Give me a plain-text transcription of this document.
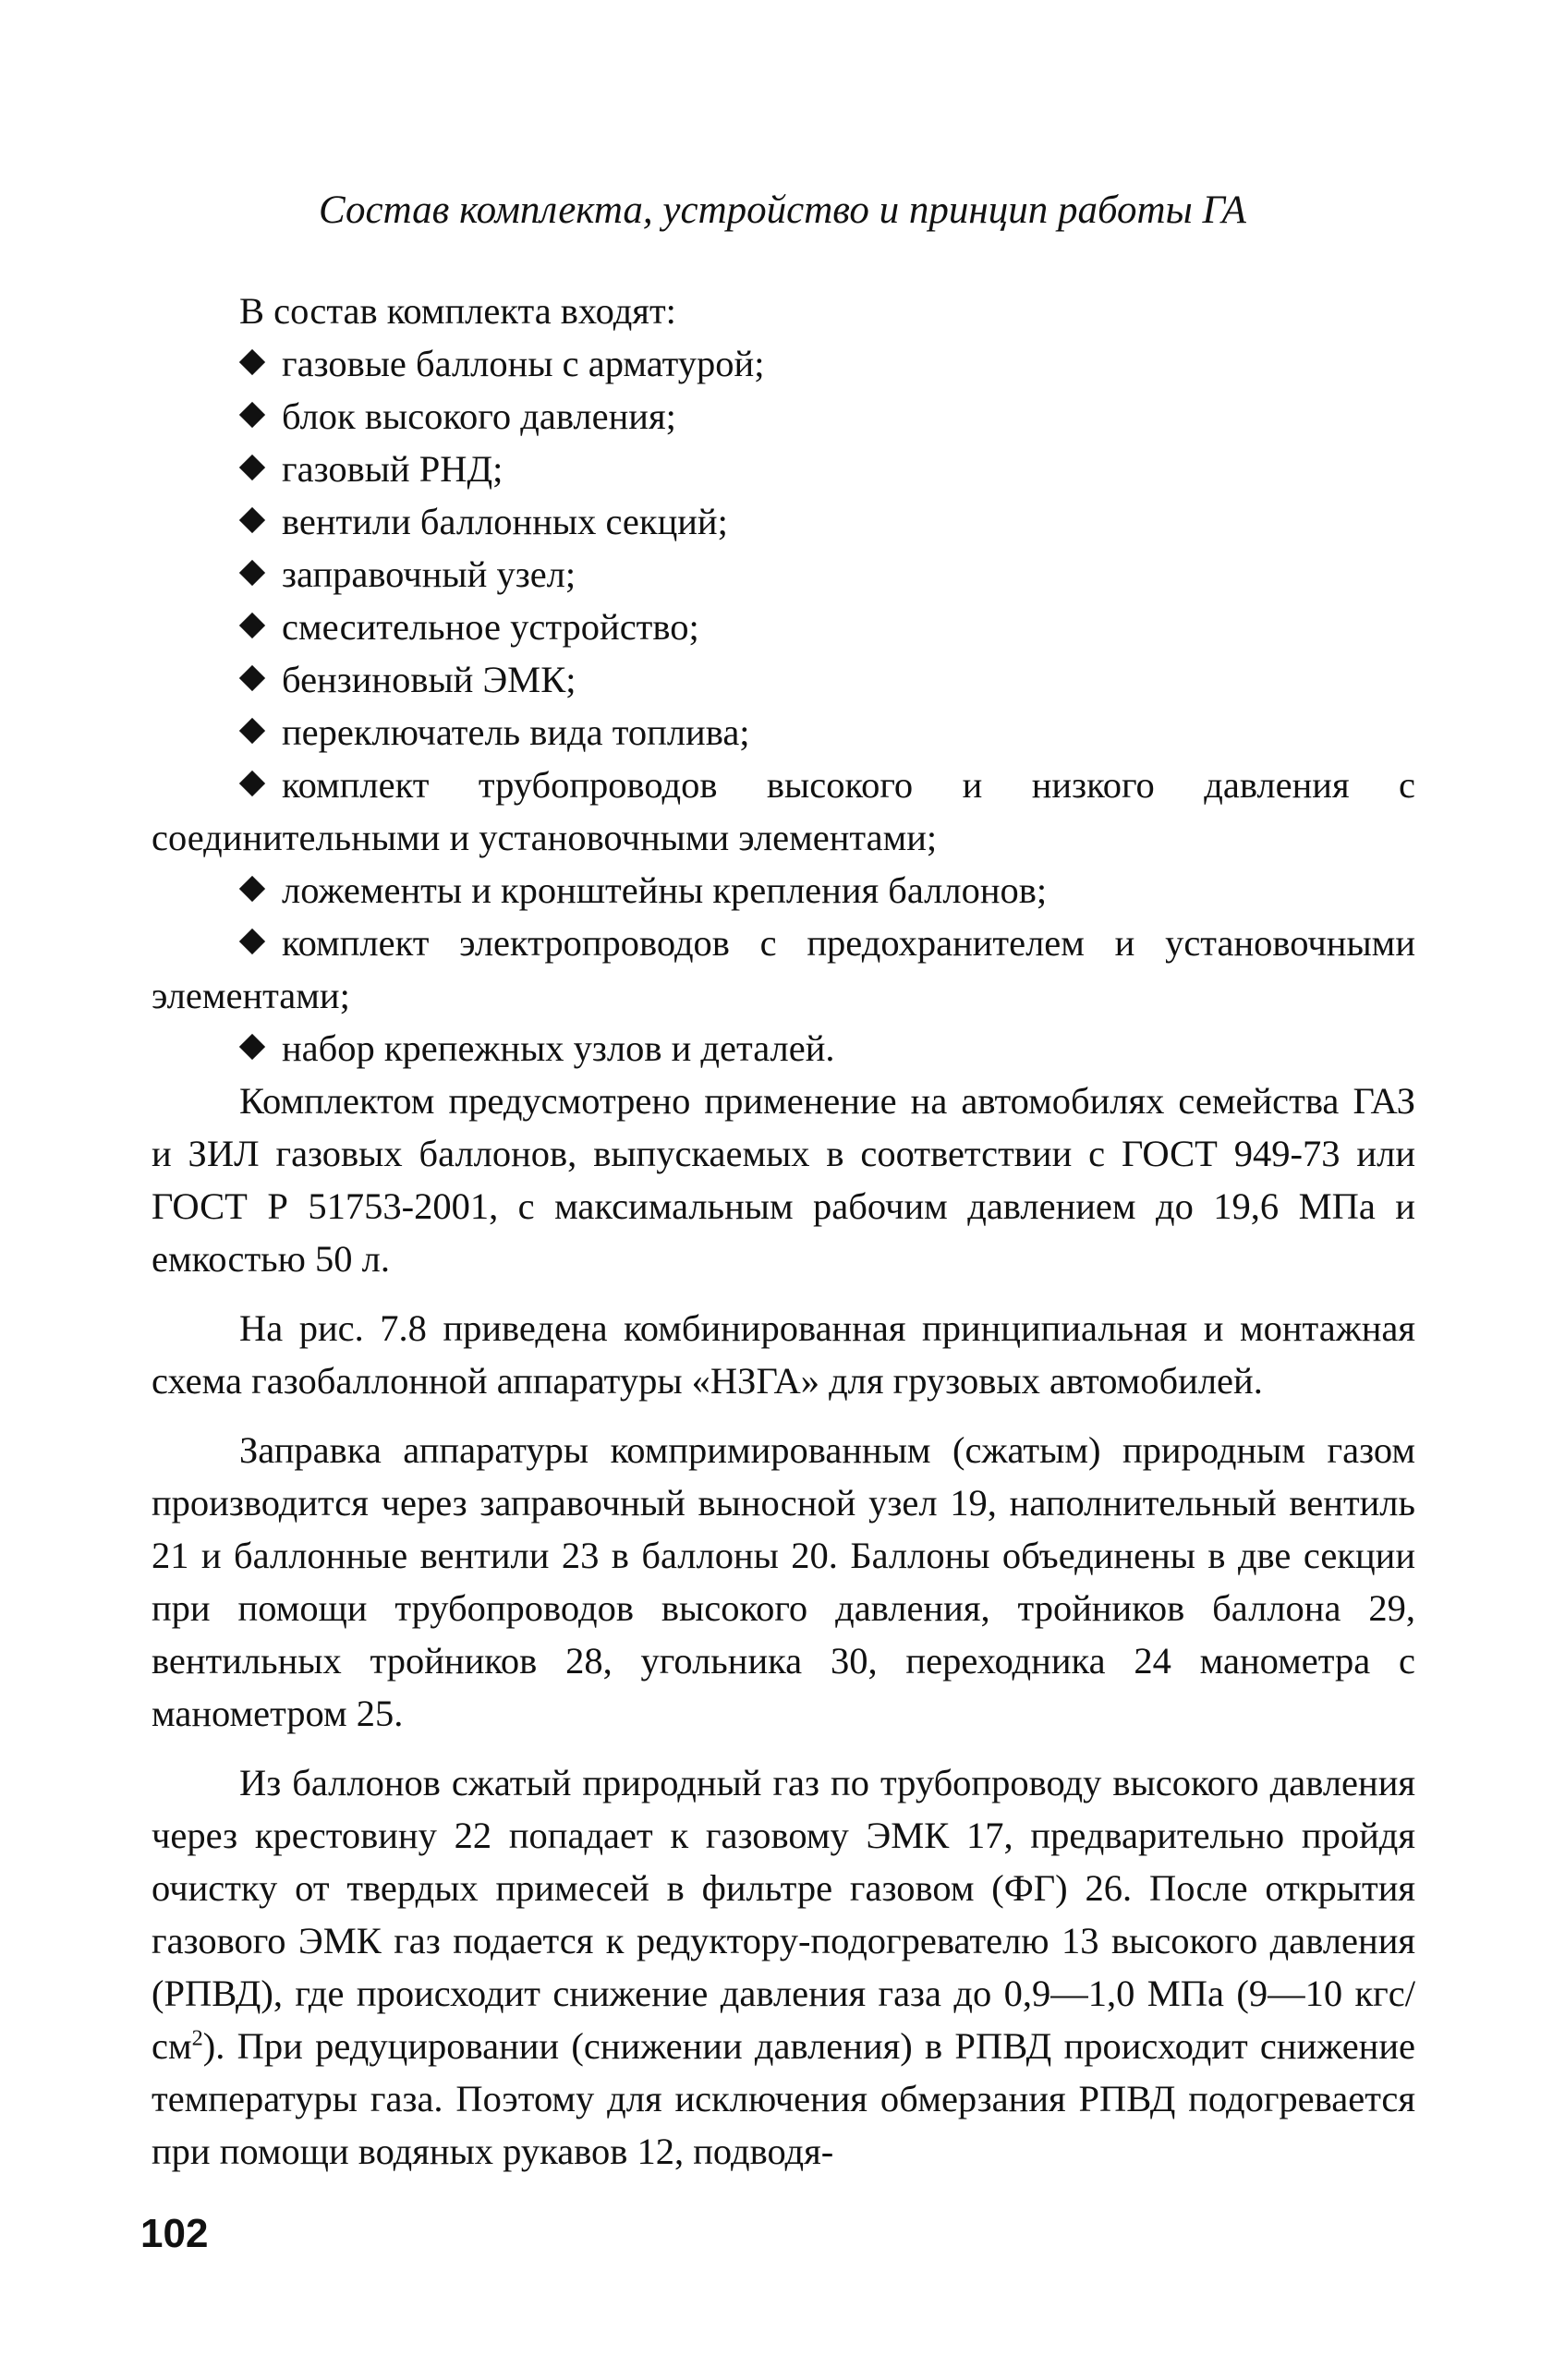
Состав комплекта, устройство и принцип работы ГА

В состав комплекта входят:

газовые баллоны с арматурой;
блок высокого давления;
газовый РНД;
вентили баллонных секций;
заправочный узел;
смесительное устройство;
бензиновый ЭМК;
переключатель вида топлива;
комплект трубопроводов высокого и низкого давления с соединительными и установочными элементами;
ложементы и кронштейны крепления баллонов;
комплект электропроводов с предохранителем и установочными элементами;
набор крепежных узлов и деталей.

Комплектом предусмотрено применение на автомобилях семейства ГАЗ и ЗИЛ газовых баллонов, выпускаемых в соответствии с ГОСТ 949-73 или ГОСТ Р 51753-2001, с максимальным рабочим давлением до 19,6 МПа и емкостью 50 л.

На рис. 7.8 приведена комбинированная принципиальная и монтажная схема газобаллонной аппаратуры «НЗГА» для грузовых автомобилей.

Заправка аппаратуры компримированным (сжатым) природным газом производится через заправочный выносной узел 19, наполнительный вентиль 21 и баллонные вентили 23 в баллоны 20. Баллоны объединены в две секции при помощи трубопроводов высокого давления, тройников баллона 29, вентильных тройников 28, угольника 30, переходника 24 манометра с манометром 25.

Из баллонов сжатый природный газ по трубопроводу высокого давления через крестовину 22 попадает к газовому ЭМК 17, предварительно пройдя очистку от твердых примесей в фильтре газовом (ФГ) 26. После открытия газового ЭМК газ подается к редуктору-подогревателю 13 высокого давления (РПВД), где происходит снижение давления газа до 0,9—1,0 МПа (9—10 кгс/$см^2$). При редуцировании (снижении давления) в РПВД происходит снижение температуры газа. Поэтому для исключения обмерзания РПВД подогревается при помощи водяных рукавов 12, подводя-

102
